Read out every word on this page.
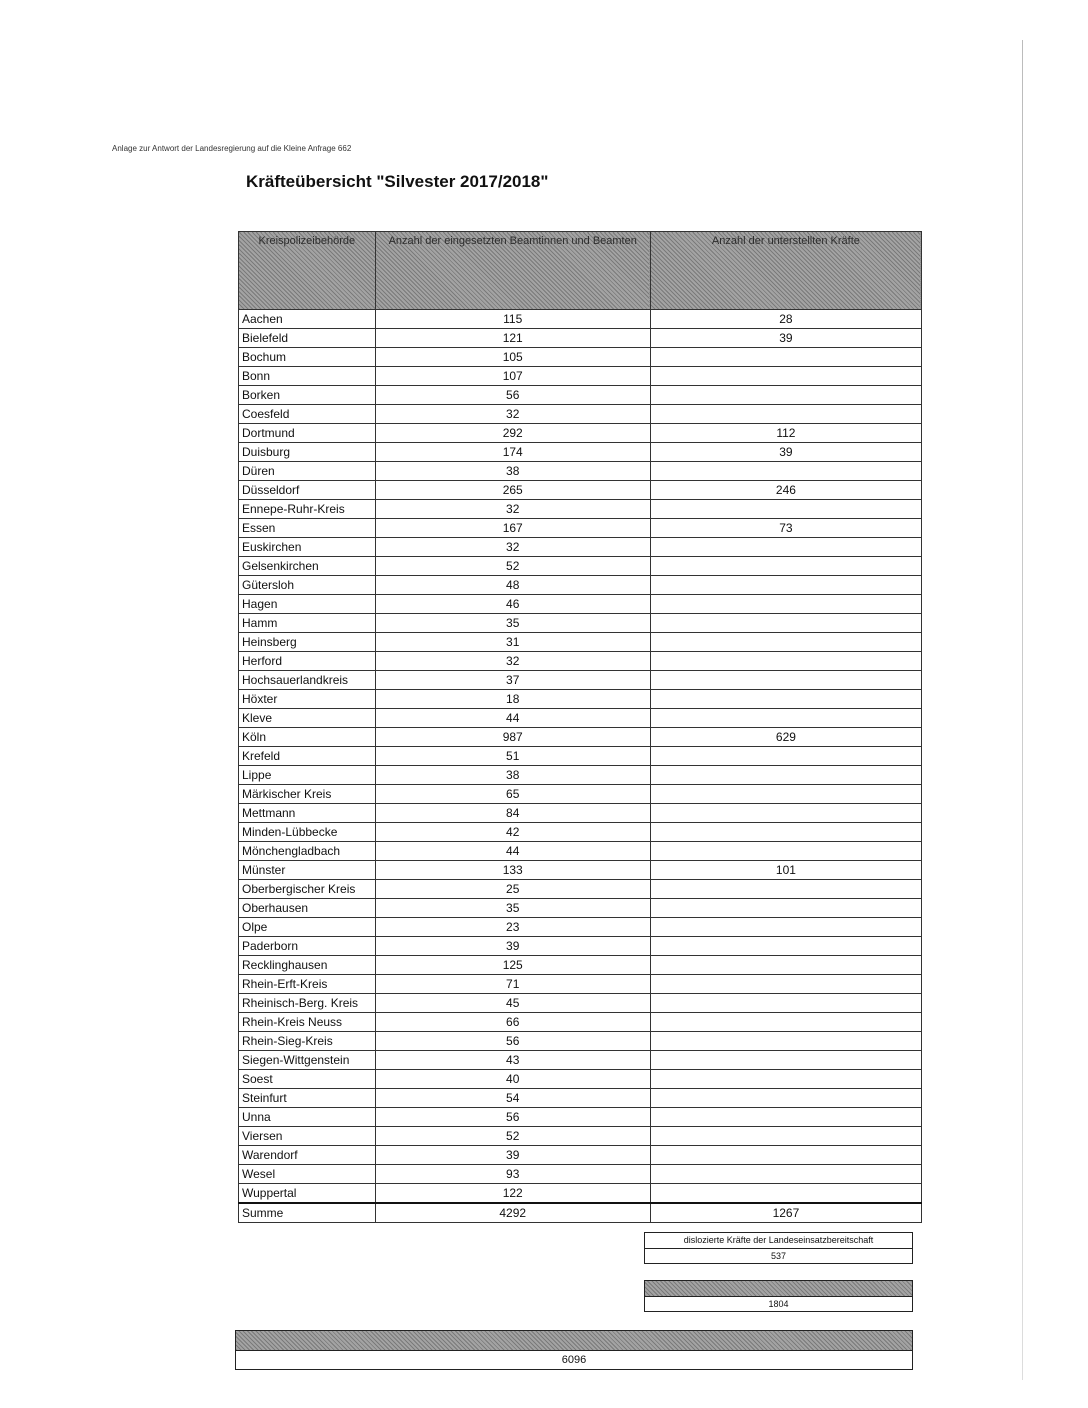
Anlage zur Antwort der Landesregierung auf die Kleine Anfrage 662
Kräfteübersicht "Silvester 2017/2018"
Kreispolizeibehörde	Anzahl der eingesetzten Beamtinnen und Beamten	Anzahl der unterstellten Kräfte
Aachen	115	28
Bielefeld	121	39
Bochum	105	
Bonn	107	
Borken	56	
Coesfeld	32	
Dortmund	292	112
Duisburg	174	39
Düren	38	
Düsseldorf	265	246
Ennepe-Ruhr-Kreis	32	
Essen	167	73
Euskirchen	32	
Gelsenkirchen	52	
Gütersloh	48	
Hagen	46	
Hamm	35	
Heinsberg	31	
Herford	32	
Hochsauerlandkreis	37	
Höxter	18	
Kleve	44	
Köln	987	629
Krefeld	51	
Lippe	38	
Märkischer Kreis	65	
Mettmann	84	
Minden-Lübbecke	42	
Mönchengladbach	44	
Münster	133	101
Oberbergischer Kreis	25	
Oberhausen	35	
Olpe	23	
Paderborn	39	
Recklinghausen	125	
Rhein-Erft-Kreis	71	
Rheinisch-Berg. Kreis	45	
Rhein-Kreis Neuss	66	
Rhein-Sieg-Kreis	56	
Siegen-Wittgenstein	43	
Soest	40	
Steinfurt	54	
Unna	56	
Viersen	52	
Warendorf	39	
Wesel	93	
Wuppertal	122	
Summe	4292	1267
dislozierte Kräfte der Landeseinsatzbereitschaft
537
1804
6096
